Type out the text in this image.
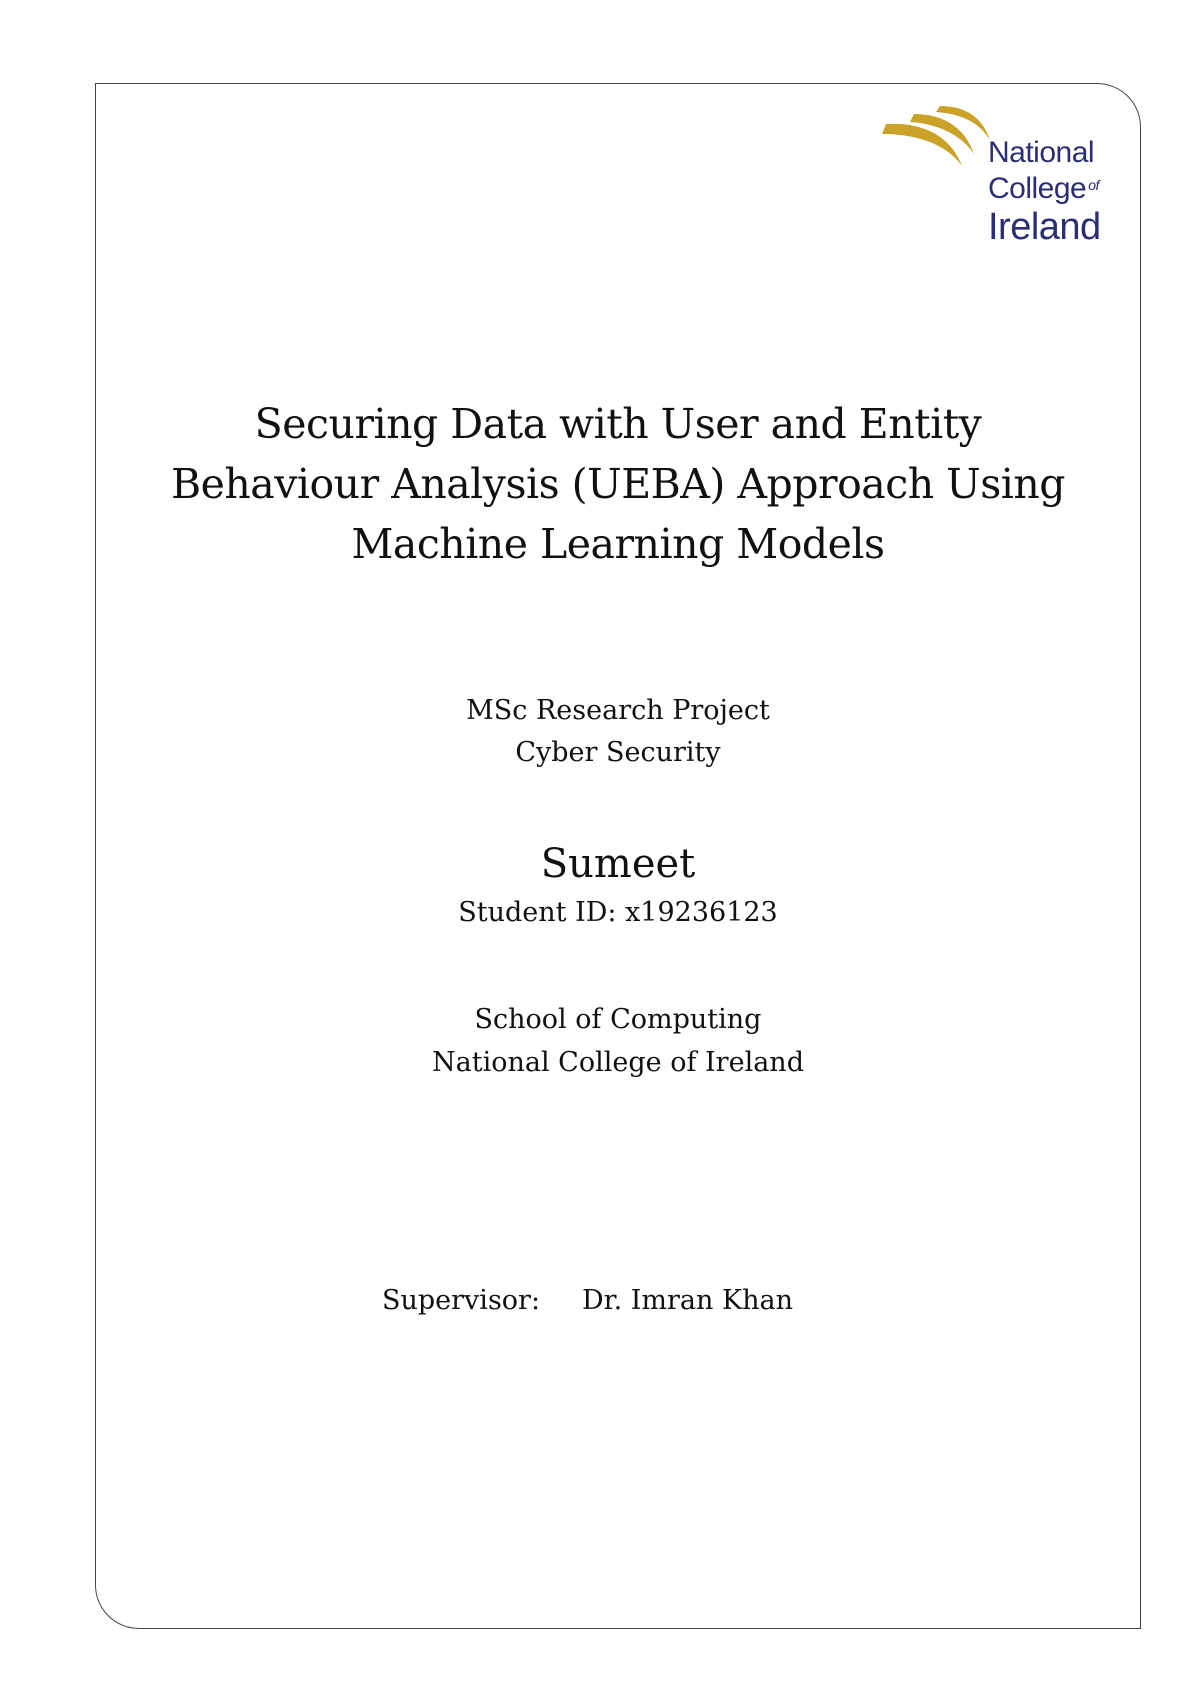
National
College $^{of}$
Ireland
Securing Data with User and Entity
Behaviour Analysis (UEBA) Approach Using
Machine Learning Models
MSc Research Project
Cyber Security
Sumeet
Student ID: x19236123
School of Computing
National College of Ireland
Supervisor: Dr. Imran Khan
